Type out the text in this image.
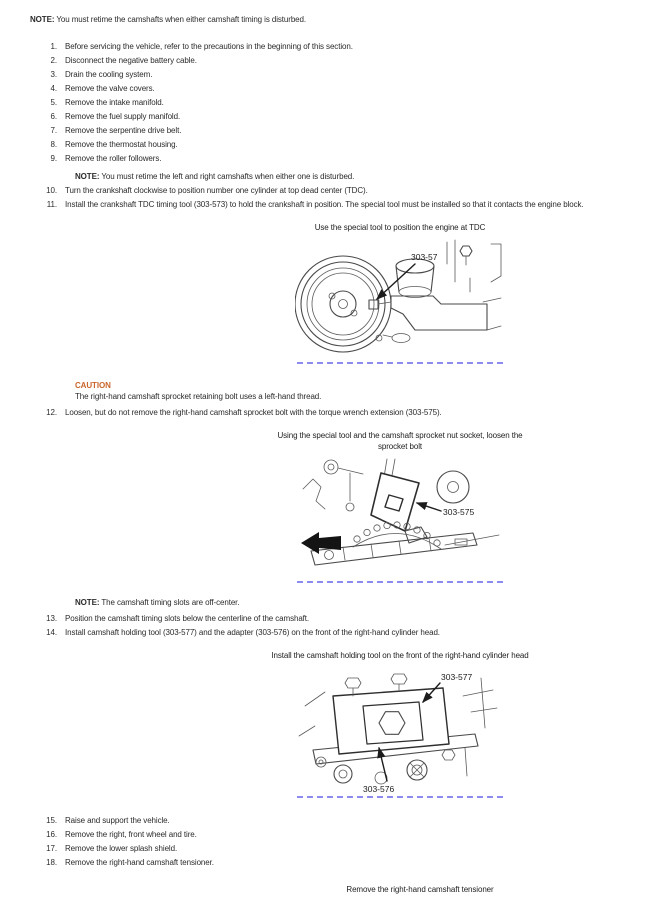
NOTE: You must retime the camshafts when either camshaft timing is disturbed.
1.	Before servicing the vehicle, refer to the precautions in the beginning of this section.
2.	Disconnect the negative battery cable.
3.	Drain the cooling system.
4.	Remove the valve covers.
5.	Remove the intake manifold.
6.	Remove the fuel supply manifold.
7.	Remove the serpentine drive belt.
8.	Remove the thermostat housing.
9.	Remove the roller followers.
NOTE: You must retime the left and right camshafts when either one is disturbed.
10.	Turn the crankshaft clockwise to position number one cylinder at top dead center (TDC).
11.	Install the crankshaft TDC timing tool (303-573) to hold the crankshaft in position. The special tool must be installed so that it contacts the engine block.
Use the special tool to position the engine at TDC
303-57
CAUTION
The right-hand camshaft sprocket retaining bolt uses a left-hand thread.
12.	Loosen, but do not remove the right-hand camshaft sprocket bolt with the torque wrench extension (303-575).
Using the special tool and the camshaft sprocket nut socket, loosen the sprocket bolt
303-575
NOTE: The camshaft timing slots are off-center.
13.	Position the camshaft timing slots below the centerline of the camshaft.
14.	Install camshaft holding tool (303-577) and the adapter (303-576) on the front of the right-hand cylinder head.
Install the camshaft holding tool on the front of the right-hand cylinder head
303-577
303-576
15.	Raise and support the vehicle.
16.	Remove the right, front wheel and tire.
17.	Remove the lower splash shield.
18.	Remove the right-hand camshaft tensioner.
Remove the right-hand camshaft tensioner
